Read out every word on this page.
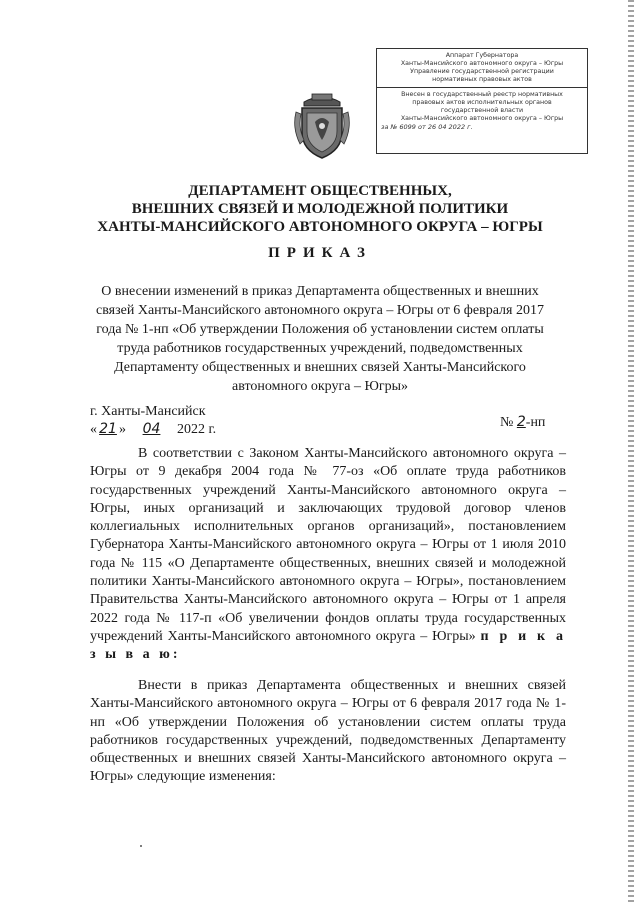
Аппарат Губернатора
Ханты-Мансийского автономного округа – Югры
Управление государственной регистрации
нормативных правовых актов
Внесен в государственный реестр нормативных
правовых актов исполнительных органов
государственной власти
Ханты-Мансийского автономного округа – Югры
за № 6099 от 26 04 2022 г.
ДЕПАРТАМЕНТ ОБЩЕСТВЕННЫХ,
ВНЕШНИХ СВЯЗЕЙ И МОЛОДЕЖНОЙ ПОЛИТИКИ
ХАНТЫ-МАНСИЙСКОГО АВТОНОМНОГО ОКРУГА – ЮГРЫ
ПРИКАЗ
О внесении изменений в приказ Департамента общественных и внешних связей Ханты-Мансийского автономного округа – Югры от 6 февраля 2017 года № 1-нп «Об утверждении Положения об установлении систем оплаты труда работников государственных учреждений, подведомственных Департаменту общественных и внешних связей Ханты-Мансийского автономного округа – Югры»
г. Ханты-Мансийск
« 21 » 04 2022 г.	№ 2-нп
В соответствии с Законом Ханты-Мансийского автономного округа – Югры от 9 декабря 2004 года № 77-оз «Об оплате труда работников государственных учреждений Ханты-Мансийского автономного округа – Югры, иных организаций и заключающих трудовой договор членов коллегиальных исполнительных органов организаций», постановлением Губернатора Ханты-Мансийского автономного округа – Югры от 1 июля 2010 года № 115 «О Департаменте общественных, внешних связей и молодежной политики Ханты-Мансийского автономного округа – Югры», постановлением Правительства Ханты-Мансийского автономного округа – Югры от 1 апреля 2022 года № 117-п «Об увеличении фондов оплаты труда государственных учреждений Ханты-Мансийского автономного округа – Югры» п р и к а з ы в а ю:
Внести в приказ Департамента общественных и внешних связей Ханты-Мансийского автономного округа – Югры от 6 февраля 2017 года № 1-нп «Об утверждении Положения об установлении систем оплаты труда работников государственных учреждений, подведомственных Департаменту общественных и внешних связей Ханты-Мансийского автономного округа – Югры» следующие изменения:
